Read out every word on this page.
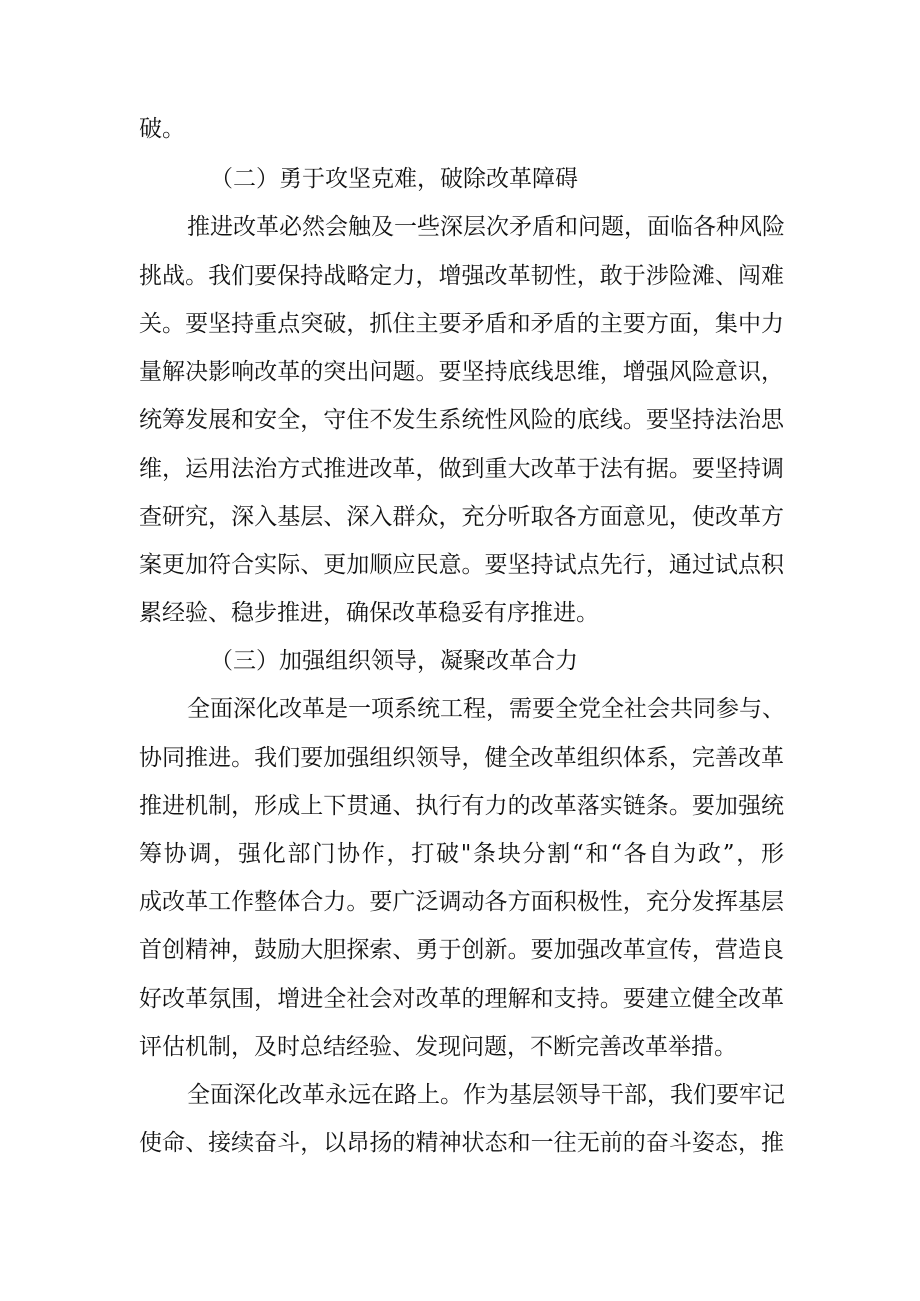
破。
（二）勇于攻坚克难，破除改革障碍
推进改革必然会触及一些深层次矛盾和问题，面临各种风险
挑战。我们要保持战略定力，增强改革韧性，敢于涉险滩、闯难
关。要坚持重点突破，抓住主要矛盾和矛盾的主要方面，集中力
量解决影响改革的突出问题。要坚持底线思维，增强风险意识，
统筹发展和安全，守住不发生系统性风险的底线。要坚持法治思
维，运用法治方式推进改革，做到重大改革于法有据。要坚持调
查研究，深入基层、深入群众，充分听取各方面意见，使改革方
案更加符合实际、更加顺应民意。要坚持试点先行，通过试点积
累经验、稳步推进，确保改革稳妥有序推进。
（三）加强组织领导，凝聚改革合力
全面深化改革是一项系统工程，需要全党全社会共同参与、
协同推进。我们要加强组织领导，健全改革组织体系，完善改革
推进机制，形成上下贯通、执行有力的改革落实链条。要加强统
筹协调，强化部门协作，打破"条块分割“和“各自为政”，形
成改革工作整体合力。要广泛调动各方面积极性，充分发挥基层
首创精神，鼓励大胆探索、勇于创新。要加强改革宣传，营造良
好改革氛围，增进全社会对改革的理解和支持。要建立健全改革
评估机制，及时总结经验、发现问题，不断完善改革举措。
全面深化改革永远在路上。作为基层领导干部，我们要牢记
使命、接续奋斗，以昂扬的精神状态和一往无前的奋斗姿态，推
